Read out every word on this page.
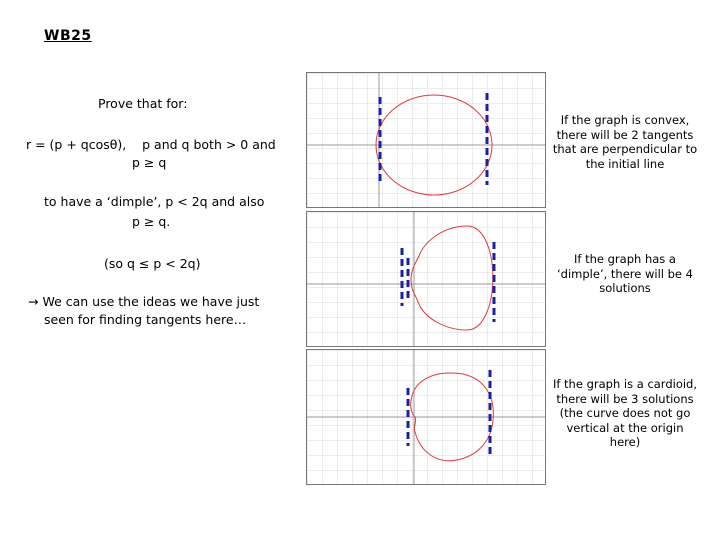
WB25
Prove that for:
r = (p + qcosθ),    p and q both > 0 and
p ≥ q
to have a ‘dimple’, p < 2q and also
p ≥ q.
(so q ≤ p < 2q)
→ We can use the ideas we have just
seen for finding tangents here…
If the graph is convex, there will be 2 tangents that are perpendicular to the initial line
If the graph has a ‘dimple’, there will be 4 solutions
If the graph is a cardioid, there will be 3 solutions (the curve does not go vertical at the origin here)
